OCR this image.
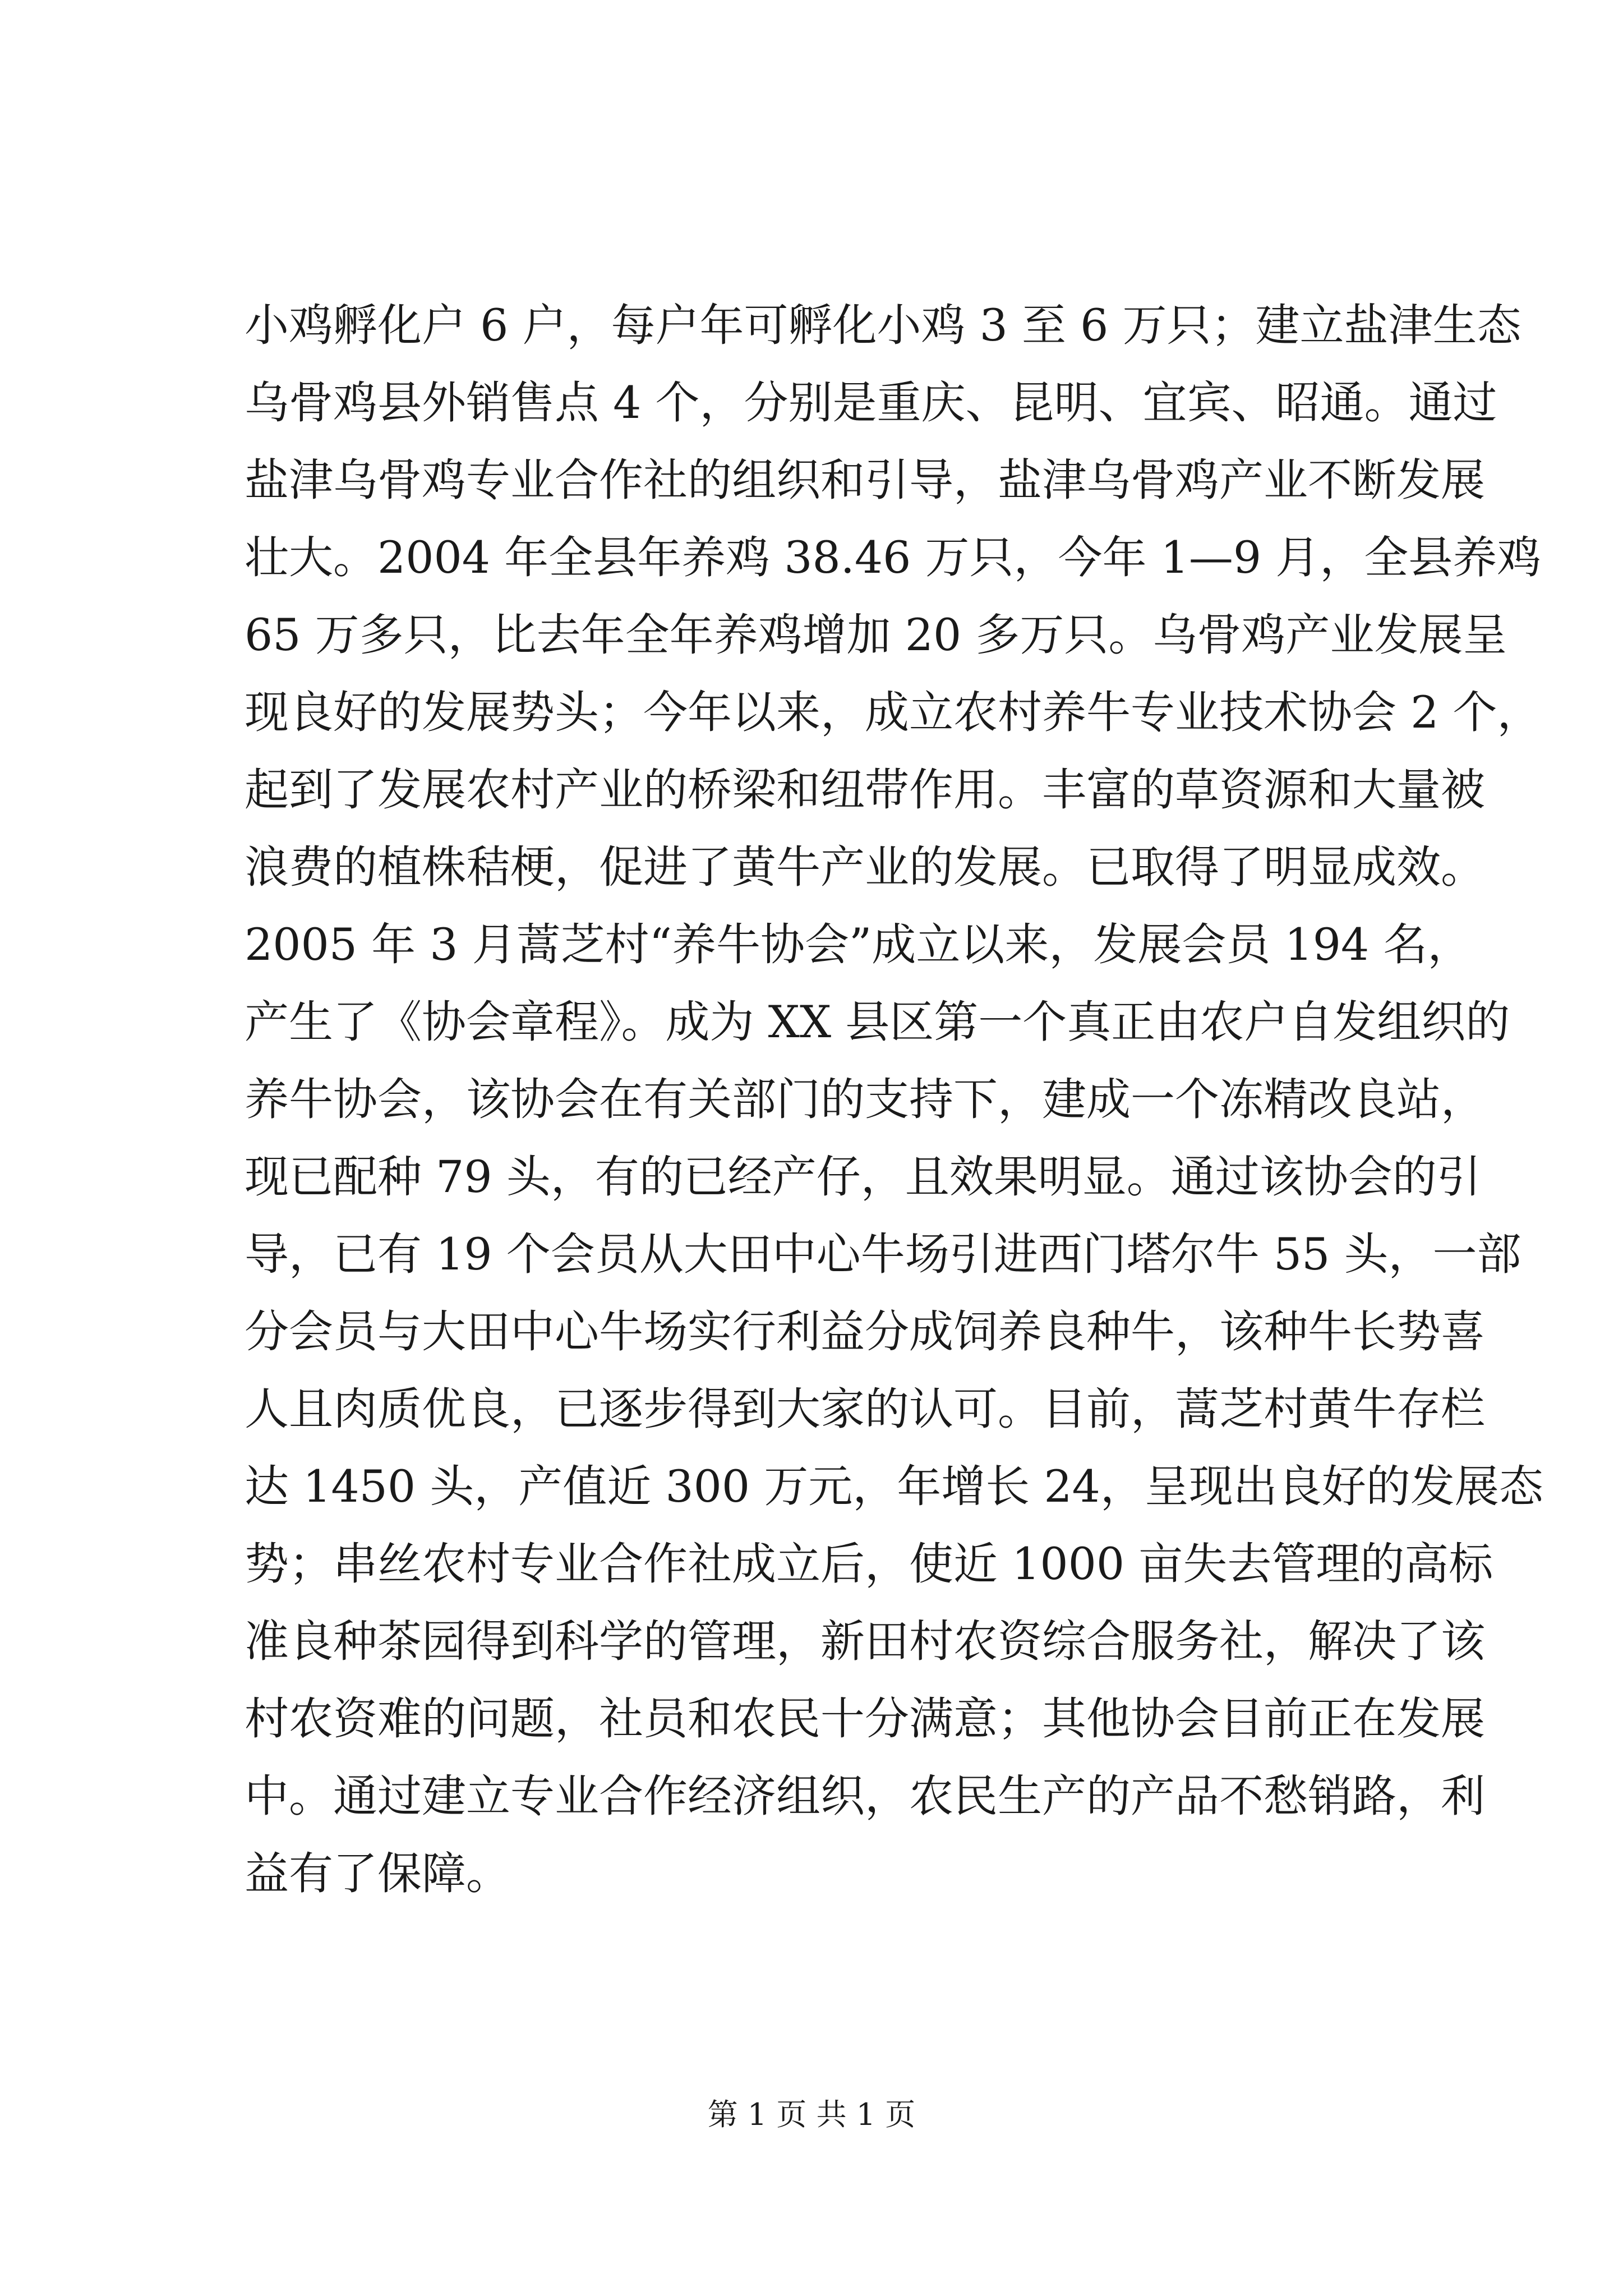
小鸡孵化户 6 户，每户年可孵化小鸡 3 至 6 万只；建立盐津生态
乌骨鸡县外销售点 4 个，分别是重庆、昆明、宜宾、昭通。通过
盐津乌骨鸡专业合作社的组织和引导，盐津乌骨鸡产业不断发展
壮大。2004 年全县年养鸡 38.46 万只，今年 1—9 月，全县养鸡
65 万多只，比去年全年养鸡增加 20 多万只。乌骨鸡产业发展呈
现良好的发展势头；今年以来，成立农村养牛专业技术协会 2 个，
起到了发展农村产业的桥梁和纽带作用。丰富的草资源和大量被
浪费的植株秸梗，促进了黄牛产业的发展。已取得了明显成效。
2005 年 3 月蒿芝村“养牛协会”成立以来，发展会员 194 名，
产生了《协会章程》。成为 XX 县区第一个真正由农户自发组织的
养牛协会，该协会在有关部门的支持下，建成一个冻精改良站，
现已配种 79 头，有的已经产仔，且效果明显。通过该协会的引
导，已有 19 个会员从大田中心牛场引进西门塔尔牛 55 头，一部
分会员与大田中心牛场实行利益分成饲养良种牛，该种牛长势喜
人且肉质优良，已逐步得到大家的认可。目前，蒿芝村黄牛存栏
达 1450 头，产值近 300 万元，年增长 24，呈现出良好的发展态
势；串丝农村专业合作社成立后，使近 1000 亩失去管理的高标
准良种茶园得到科学的管理，新田村农资综合服务社，解决了该
村农资难的问题，社员和农民十分满意；其他协会目前正在发展
中。通过建立专业合作经济组织，农民生产的产品不愁销路，利
益有了保障。
第 1 页 共 1 页
